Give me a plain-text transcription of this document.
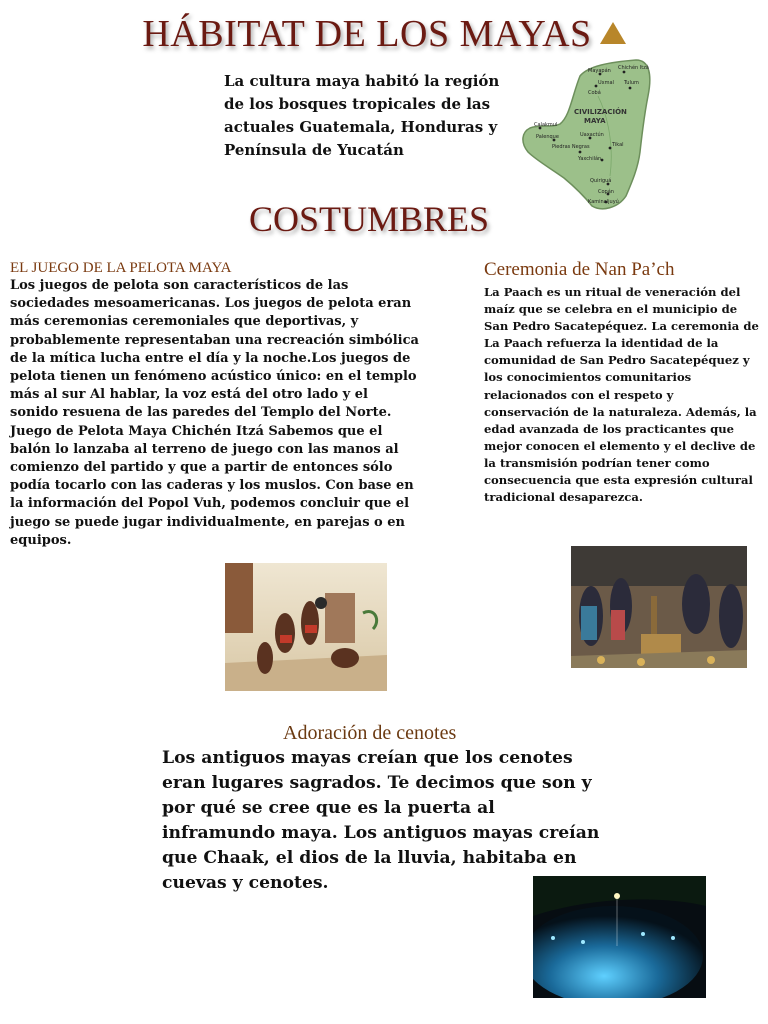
HÁBITAT DE LOS MAYAS
La cultura maya habitó la región de los bosques tropicales de las actuales Guatemala, Honduras y Península de Yucatán
Mayapán Chichén Itzá
Uxmal Tulum
Cobá
Calakmul
Palenque	Uaxactún
Piedras Negras	Tikal
Yaxchilán
Quiriguá
Copán
Kaminaljuyú
CIVILIZACIÓN
MAYA
COSTUMBRES
EL JUEGO DE LA PELOTA MAYA
Los juegos de pelota son característicos de las sociedades mesoamericanas. Los juegos de pelota eran más ceremonias ceremoniales que deportivas, y probablemente representaban una recreación simbólica de la mítica lucha entre el día y la noche.Los juegos de pelota tienen un fenómeno acústico único: en el templo más al sur Al hablar, la voz está del otro lado y el sonido resuena de las paredes del Templo del Norte. Juego de Pelota Maya Chichén Itzá Sabemos que el balón lo lanzaba al terreno de juego con las manos al comienzo del partido y que a partir de entonces sólo podía tocarlo con las caderas y los muslos. Con base en la información del Popol Vuh, podemos concluir que el juego se puede jugar individualmente, en parejas o en equipos.
Ceremonia de Nan Pa’ch
La Paach es un ritual de veneración del maíz que se celebra en el municipio de San Pedro Sacatepéquez. La ceremonia de La Paach refuerza la identidad de la comunidad de San Pedro Sacatepéquez y los conocimientos comunitarios relacionados con el respeto y conservación de la naturaleza. Además, la edad avanzada de los practicantes que mejor conocen el elemento y el declive de la transmisión podrían tener como consecuencia que esta expresión cultural tradicional desaparezca.
Adoración de cenotes
Los antiguos mayas creían que los cenotes eran lugares sagrados. Te decimos que son y por qué se cree que es la puerta al inframundo maya. Los antiguos mayas creían que Chaak, el dios de la lluvia, habitaba en cuevas y cenotes.
